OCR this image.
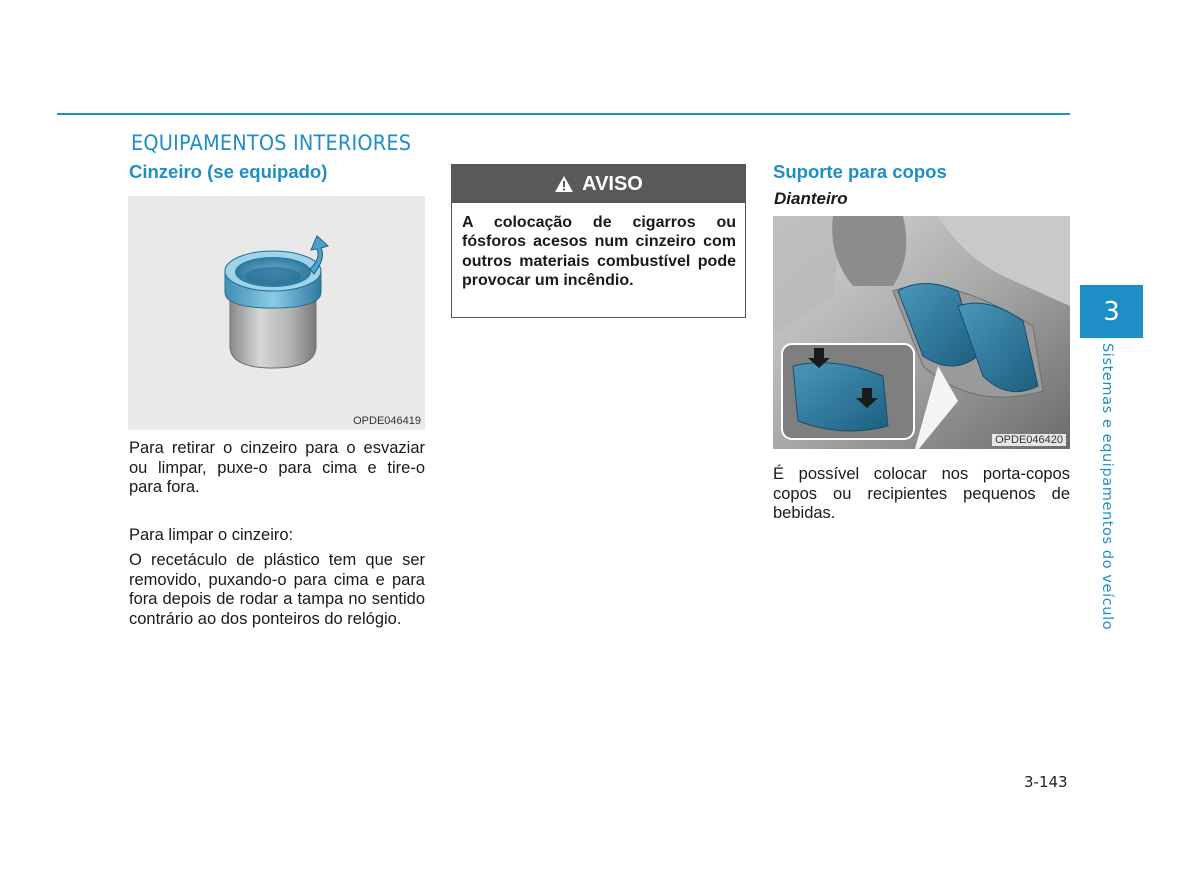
EQUIPAMENTOS INTERIORES
Cinzeiro (se equipado)
OPDE046419

Para retirar o cinzeiro para o esvaziar ou limpar, puxe-o para cima e tire-o para fora.

Para limpar o cinzeiro:

O recetáculo de plástico tem que ser removido, puxando-o para cima e para fora depois de rodar a tampa no sentido contrário ao dos ponteiros do relógio.

AVISO
A colocação de cigarros ou fósforos acesos num cinzeiro com outros materiais combustível pode provocar um incêndio.
Suporte para copos
Dianteiro
OPDE046420

É possível colocar nos porta-copos copos ou recipientes pequenos de bebidas.

3
Sistemas e equipamentos do veículo
3-143
